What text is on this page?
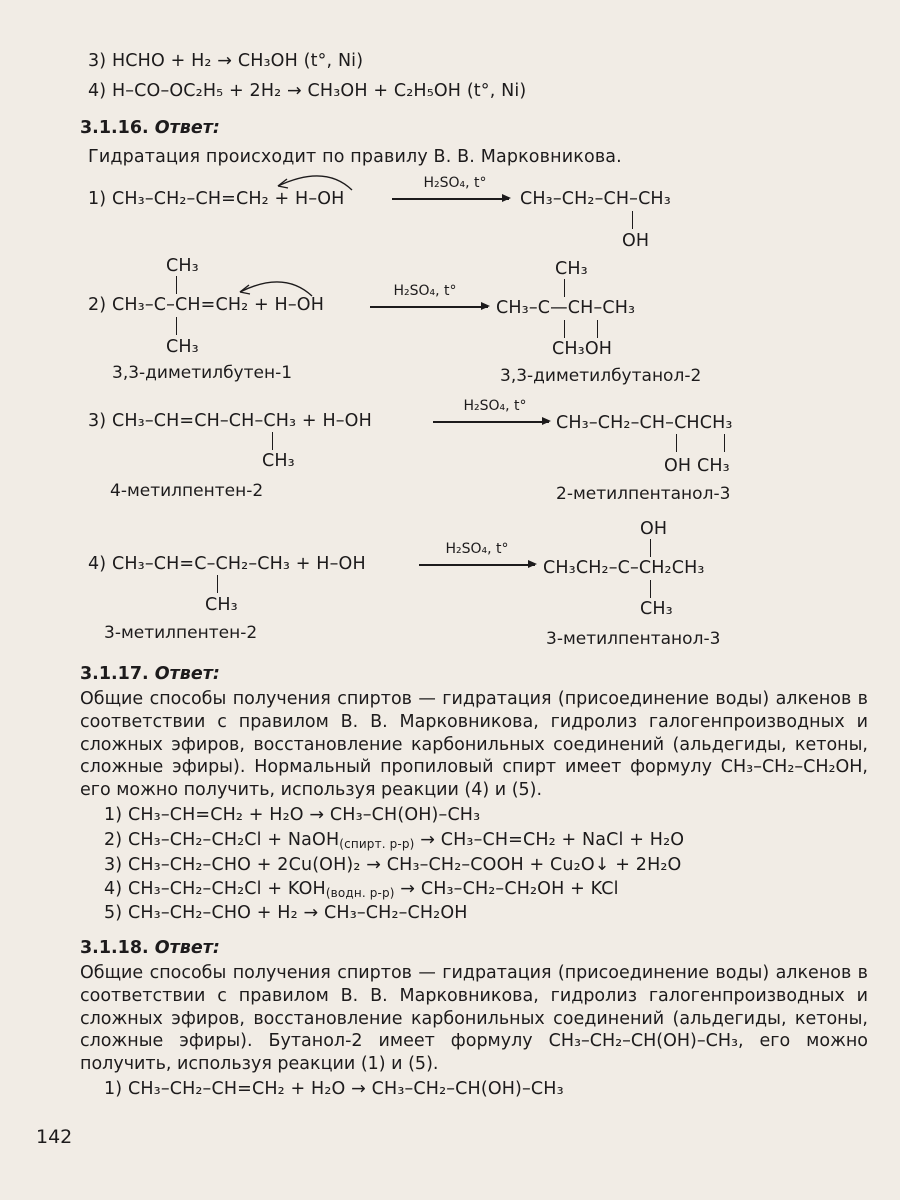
3) HCHO + H₂ → CH₃OH (t°, Ni)
4) H–CO–OC₂H₅ + 2H₂ → CH₃OH + C₂H₅OH (t°, Ni)
3.1.16. Ответ:
Гидратация происходит по правилу В. В. Марковникова.
1) CH₃–CH₂–CH=CH₂ + H–OH
H₂SO₄, t°
CH₃–CH₂–CH–CH₃
OH
CH₃
2) CH₃–C–CH=CH₂ + H–OH
CH₃
3,3-диметилбутен-1
H₂SO₄, t°
CH₃
CH₃–C—CH–CH₃
CH₃OH
3,3-диметилбутанол-2
3) CH₃–CH=CH–CH–CH₃ + H–OH
CH₃
4-метилпентен-2
H₂SO₄, t°
CH₃–CH₂–CH–CHCH₃
OH CH₃
2-метилпентанол-3
4) CH₃–CH=C–CH₂–CH₃ + H–OH
CH₃
3-метилпентен-2
H₂SO₄, t°
OH
CH₃CH₂–C–CH₂CH₃
CH₃
3-метилпентанол-3
3.1.17. Ответ:
Общие способы получения спиртов — гидратация (присоединение воды) алкенов в соответствии с правилом В. В. Марковникова, гидролиз галогенпроизводных и сложных эфиров, восстановление карбонильных соединений (альдегиды, кетоны, сложные эфиры). Нормальный пропиловый спирт имеет формулу CH₃–CH₂–CH₂OH, его можно получить, используя реакции (4) и (5).
1) CH₃–CH=CH₂ + H₂O → CH₃–CH(OH)–CH₃
2) CH₃–CH₂–CH₂Cl + NaOH$_{(спирт. р-р)}$ → CH₃–CH=CH₂ + NaCl + H₂O
3) CH₃–CH₂–CHO + 2Cu(OH)₂ → CH₃–CH₂–COOH + Cu₂O↓ + 2H₂O
4) $CH_3-CH_2-CH_2Cl + KOH_{(водн. р-р)} \to CH_3-CH_2-CH_2OH$ + KCl
5) CH₃–CH₂–CHO + H₂ → CH₃–CH₂–CH₂OH
3.1.18. Ответ:
Общие способы получения спиртов — гидратация (присоединение воды) алкенов в соответствии с правилом В. В. Марковникова, гидролиз галогенпроизводных и сложных эфиров, восстановление карбонильных соединений (альдегиды, кетоны, сложные эфиры). Бутанол-2 имеет формулу CH₃–CH₂–CH(OH)–CH₃, его можно получить, используя реакции (1) и (5).
1) CH₃–CH₂–CH=CH₂ + H₂O → CH₃–CH₂–CH(OH)–CH₃
142
